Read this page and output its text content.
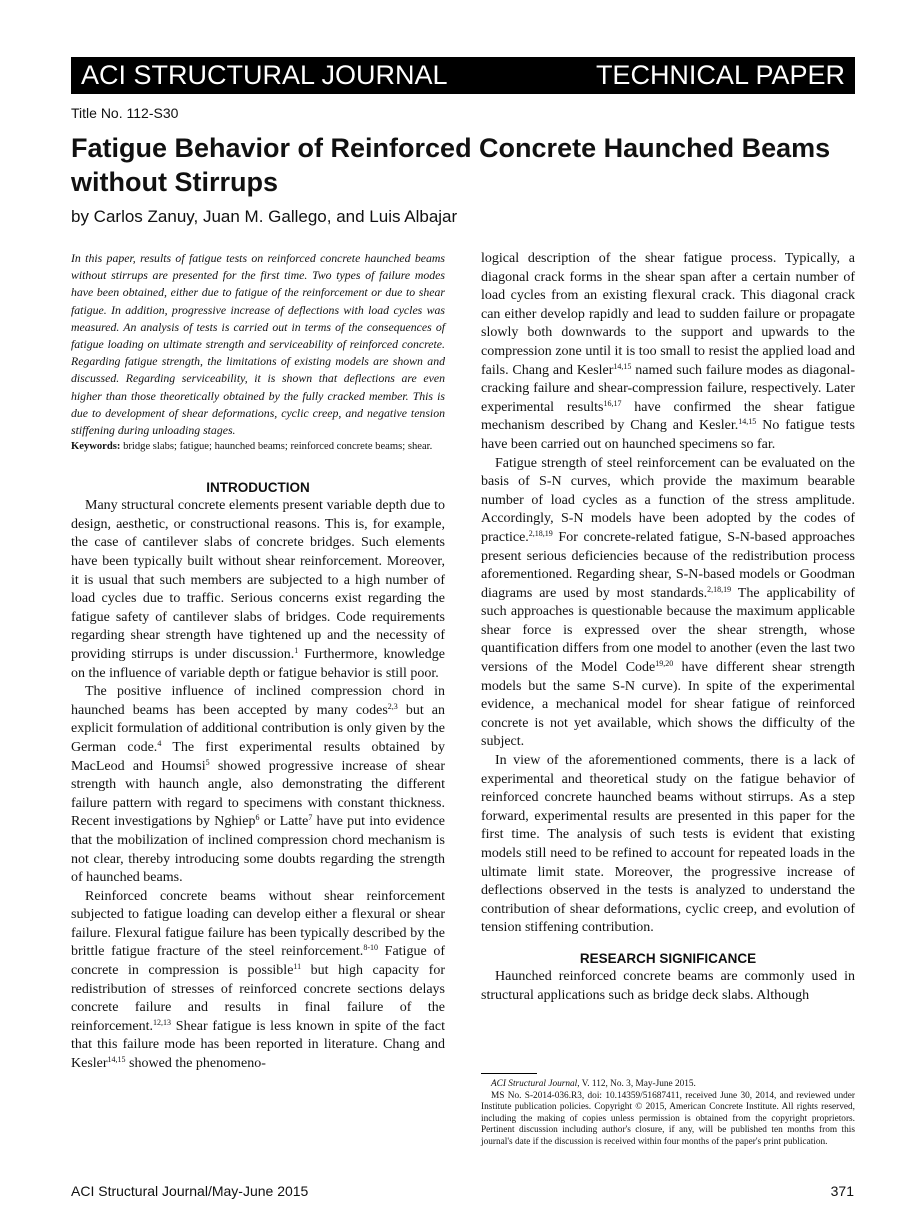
ACI STRUCTURAL JOURNAL	TECHNICAL PAPER
Title No. 112-S30
Fatigue Behavior of Reinforced Concrete Haunched Beams without Stirrups
by Carlos Zanuy, Juan M. Gallego, and Luis Albajar

In this paper, results of fatigue tests on reinforced concrete haunched beams without stirrups are presented for the first time. Two types of failure modes have been obtained, either due to fatigue of the reinforcement or due to shear fatigue. In addition, progressive increase of deflections with load cycles was measured. An analysis of tests is carried out in terms of the consequences of fatigue loading on ultimate strength and serviceability of reinforced concrete. Regarding fatigue strength, the limitations of existing models are shown and discussed. Regarding serviceability, it is shown that deflections are even higher than those theoretically obtained by the fully cracked member. This is due to development of shear deformations, cyclic creep, and negative tension stiffening during unloading stages.

Keywords: bridge slabs; fatigue; haunched beams; reinforced concrete beams; shear.

INTRODUCTION

Many structural concrete elements present variable depth due to design, aesthetic, or constructional reasons. This is, for example, the case of cantilever slabs of concrete bridges. Such elements have been typically built without shear reinforcement. Moreover, it is usual that such members are subjected to a high number of load cycles due to traffic. Serious concerns exist regarding the fatigue safety of cantilever slabs of bridges. Code requirements regarding shear strength have tightened up and the necessity of providing stirrups is under discussion.$^1$ Furthermore, knowledge on the influence of variable depth or fatigue behavior is still poor.

The positive influence of inclined compression chord in haunched beams has been accepted by many codes$^{2,3}$ but an explicit formulation of additional contribution is only given by the German code.$^4$ The first experimental results obtained by MacLeod and Houmsi$^5$ showed progressive increase of shear strength with haunch angle, also demonstrating the different failure pattern with regard to specimens with constant thickness. Recent investigations by Nghiep$^6$ or Latte$^7$ have put into evidence that the mobilization of inclined compression chord mechanism is not clear, thereby introducing some doubts regarding the strength of haunched beams.

Reinforced concrete beams without shear reinforcement subjected to fatigue loading can develop either a flexural or shear failure. Flexural fatigue failure has been typically described by the brittle fatigue fracture of the steel reinforcement.$^{8-10}$ Fatigue of concrete in compression is possible$^{11}$ but high capacity for redistribution of stresses of reinforced concrete sections delays concrete failure and results in final failure of the reinforcement.$^{12,13}$ Shear fatigue is less known in spite of the fact that this failure mode has been reported in literature. Chang and Kesler$^{14,15}$ showed the phenomeno-

logical description of the shear fatigue process. Typically, a diagonal crack forms in the shear span after a certain number of load cycles from an existing flexural crack. This diagonal crack can either develop rapidly and lead to sudden failure or propagate slowly both downwards to the support and upwards to the compression zone until it is too small to resist the applied load and fails. Chang and Kesler$^{14,15}$ named such failure modes as diagonal-cracking failure and shear-compression failure, respectively. Later experimental results$^{16,17}$ have confirmed the shear fatigue mechanism described by Chang and Kesler.$^{14,15}$ No fatigue tests have been carried out on haunched specimens so far.

Fatigue strength of steel reinforcement can be evaluated on the basis of S-N curves, which provide the maximum bearable number of load cycles as a function of the stress amplitude. Accordingly, S-N models have been adopted by the codes of practice.$^{2,18,19}$ For concrete-related fatigue, S-N-based approaches present serious deficiencies because of the redistribution process aforementioned. Regarding shear, S-N-based models or Goodman diagrams are used by most standards.$^{2,18,19}$ The applicability of such approaches is questionable because the maximum applicable shear force is expressed over the shear strength, whose quantification differs from one model to another (even the last two versions of the Model Code$^{19,20}$ have different shear strength models but the same S-N curve). In spite of the experimental evidence, a mechanical model for shear fatigue of reinforced concrete is not yet available, which shows the difficulty of the subject.

In view of the aforementioned comments, there is a lack of experimental and theoretical study on the fatigue behavior of reinforced concrete haunched beams without stirrups. As a step forward, experimental results are presented in this paper for the first time. The analysis of such tests is evident that existing models still need to be refined to account for repeated loads in the ultimate limit state. Moreover, the progressive increase of deflections observed in the tests is analyzed to understand the contribution of shear deformations, cyclic creep, and evolution of tension stiffening contribution.

RESEARCH SIGNIFICANCE

Haunched reinforced concrete beams are commonly used in structural applications such as bridge deck slabs. Although

ACI Structural Journal, V. 112, No. 3, May-June 2015.
MS No. S-2014-036.R3, doi: 10.14359/51687411, received June 30, 2014, and reviewed under Institute publication policies. Copyright © 2015, American Concrete Institute. All rights reserved, including the making of copies unless permission is obtained from the copyright proprietors. Pertinent discussion including author's closure, if any, will be published ten months from this journal's date if the discussion is received within four months of the paper's print publication.
ACI Structural Journal/May-June 2015	371
